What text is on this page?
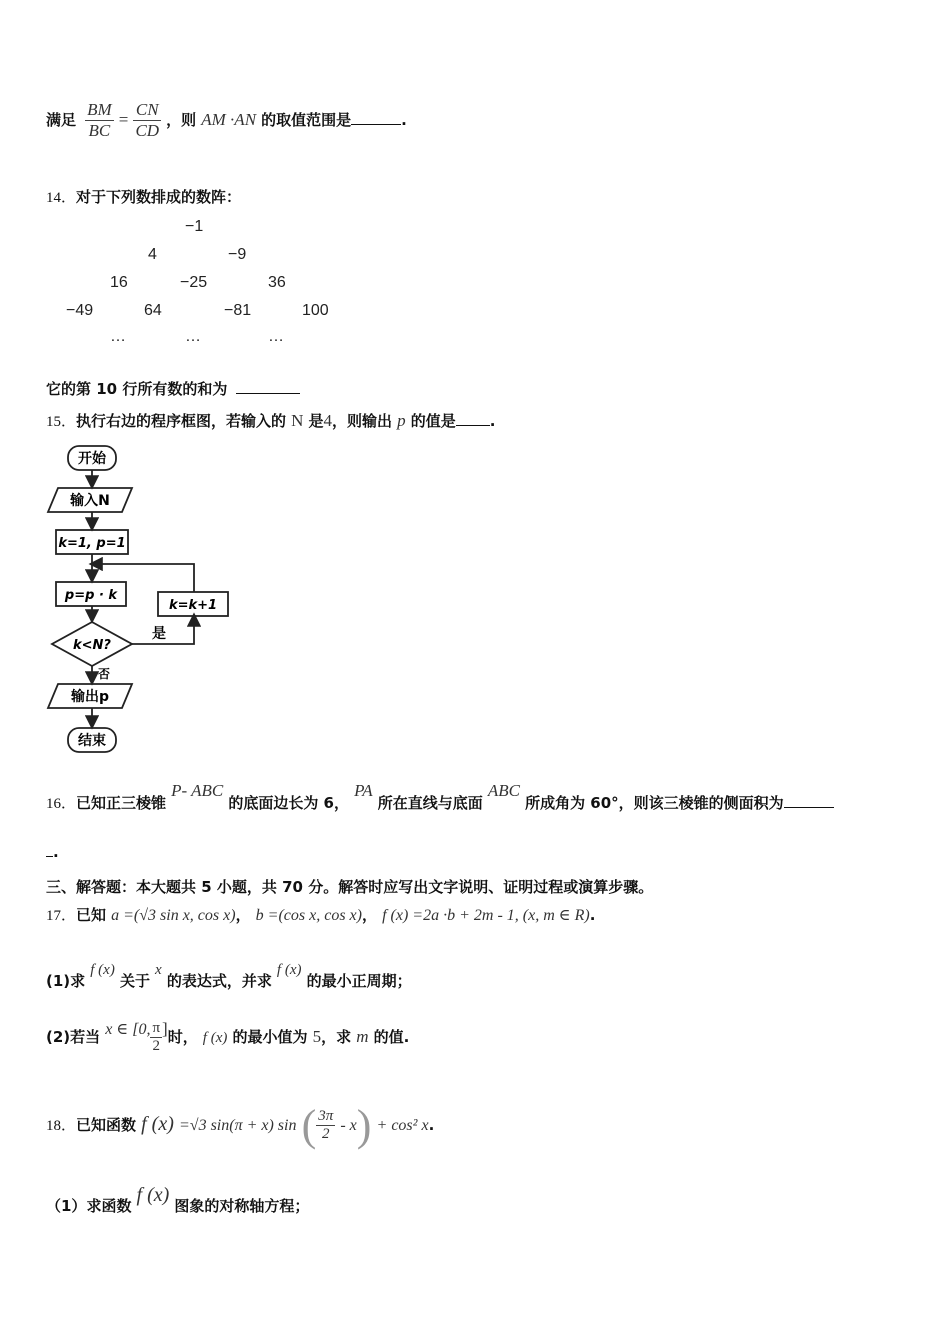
满足 $\frac{BM}{BC} = \frac{CN}{CD}$ ，则 AM ·AN 的取值范围是	.
14．对于下列数排成的数阵：
−1
4	−9
16	−25	36
−49	64	−81	100
…	…	…
它的第 10 行所有数的和为
15．执行右边的程序框图，若输入的 N 是4，则输出 p 的值是 .
开始
输入N
k=1, p=1
p=p · k
k=k+1
k<N?
是
否
输出p
结束
16．已知正三棱锥 P- ABC 的底面边长为 6， PA 所在直线与底面 ABC 所成角为 60°，则该三棱锥的侧面积为
.
三、解答题：本大题共 5 小题，共 70 分。解答时应写出文字说明、证明过程或演算步骤。
17．已知 a =(√3 sin x, cos x)， b =(cos x, cos x)， f (x) =2a ·b + 2m - 1, (x, m ∈ R).
(1)求 f (x) 关于 x 的表达式，并求 f (x) 的最小正周期；
(2)若当 x ∈ [0, $\frac{\pi}{2}$ ]时， f (x) 的最小值为 5，求 m 的值.
18．已知函数 f (x) =√3 sin(π + x) sin ( $\frac{3\pi}{2} - x) + \cos^2$ x.
（1）求函数 f (x) 图象的对称轴方程；
